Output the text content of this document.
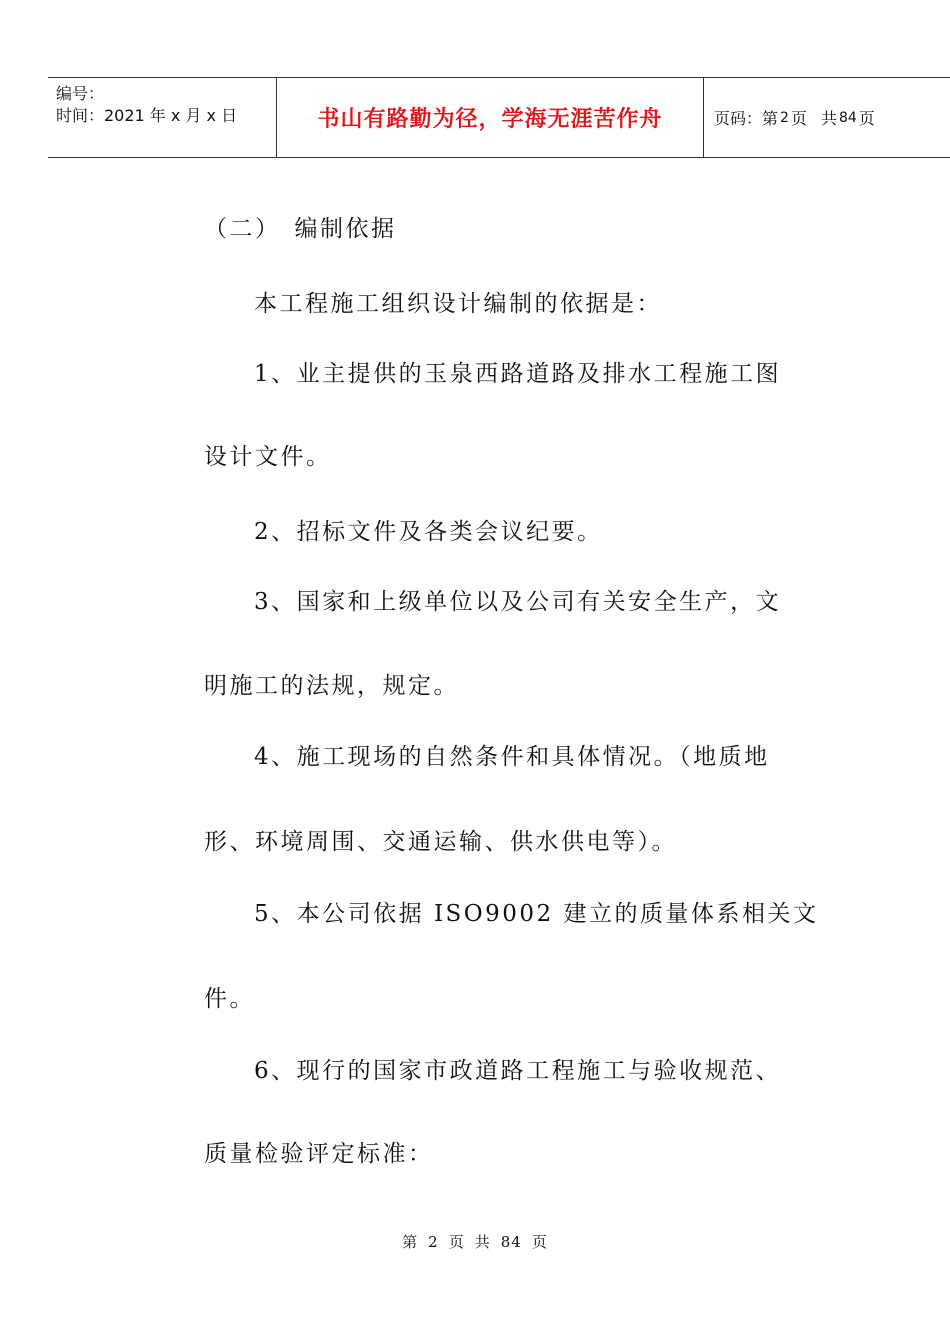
编号：
时间：2021 年 x 月 x 日	书山有路勤为径，学海无涯苦作舟	页码：第 2 页 共 84 页
（二）　编制依据
本工程施工组织设计编制的依据是：
1、业主提供的玉泉西路道路及排水工程施工图
设计文件。
2、招标文件及各类会议纪要。
3、国家和上级单位以及公司有关安全生产，文
明施工的法规，规定。
4、施工现场的自然条件和具体情况。（地质地
形、环境周围、交通运输、供水供电等）。
5、本公司依据 ISO9002 建立的质量体系相关文
件。
6、现行的国家市政道路工程施工与验收规范、
质量检验评定标准：
第 2 页 共 84 页
